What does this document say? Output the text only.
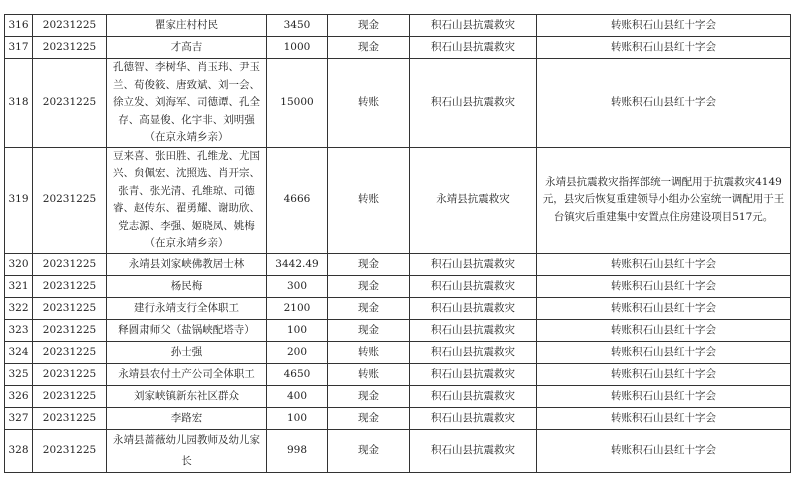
316	20231225	瞿家庄村村民	3450	现金	积石山县抗震救灾	转账积石山县红十字会
317	20231225	才高吉	1000	现金	积石山县抗震救灾	转账积石山县红十字会
318	20231225	孔德智、李树华、肖玉玮、尹玉兰、荀俊筱、唐致斌、刘一会、徐立发、刘海军、司德谭、孔全存、高显俊、化宇非、刘明强（在京永靖乡亲）	15000	转账	积石山县抗震救灾	转账积石山县红十字会
319	20231225	豆来喜、张田胜、孔维龙、尤国兴、贠佩宏、沈照选、肖开宗、张青、张光清、孔维琼、司德睿、赵传东、翟勇耀、谢助欣、党志源、李强、姬晓凤、姚梅（在京永靖乡亲）	4666	转账	永靖县抗震救灾	永靖县抗震救灾指挥部统一调配用于抗震救灾4149元，县灾后恢复重建领导小组办公室统一调配用于王台镇灾后重建集中安置点住房建设项目517元。
320	20231225	永靖县刘家峡佛教居士林	3442.49	现金	积石山县抗震救灾	转账积石山县红十字会
321	20231225	杨民梅	300	现金	积石山县抗震救灾	转账积石山县红十字会
322	20231225	建行永靖支行全体职工	2100	现金	积石山县抗震救灾	转账积石山县红十字会
323	20231225	释圆肃师父（盐锅峡配塔寺）	100	现金	积石山县抗震救灾	转账积石山县红十字会
324	20231225	孙士强	200	转账	积石山县抗震救灾	转账积石山县红十字会
325	20231225	永靖县农付土产公司全体职工	4650	转账	积石山县抗震救灾	转账积石山县红十字会
326	20231225	刘家峡镇新东社区群众	400	现金	积石山县抗震救灾	转账积石山县红十字会
327	20231225	李路宏	100	现金	积石山县抗震救灾	转账积石山县红十字会
328	20231225	永靖县蔷薇幼儿园教师及幼儿家长	998	现金	积石山县抗震救灾	转账积石山县红十字会
